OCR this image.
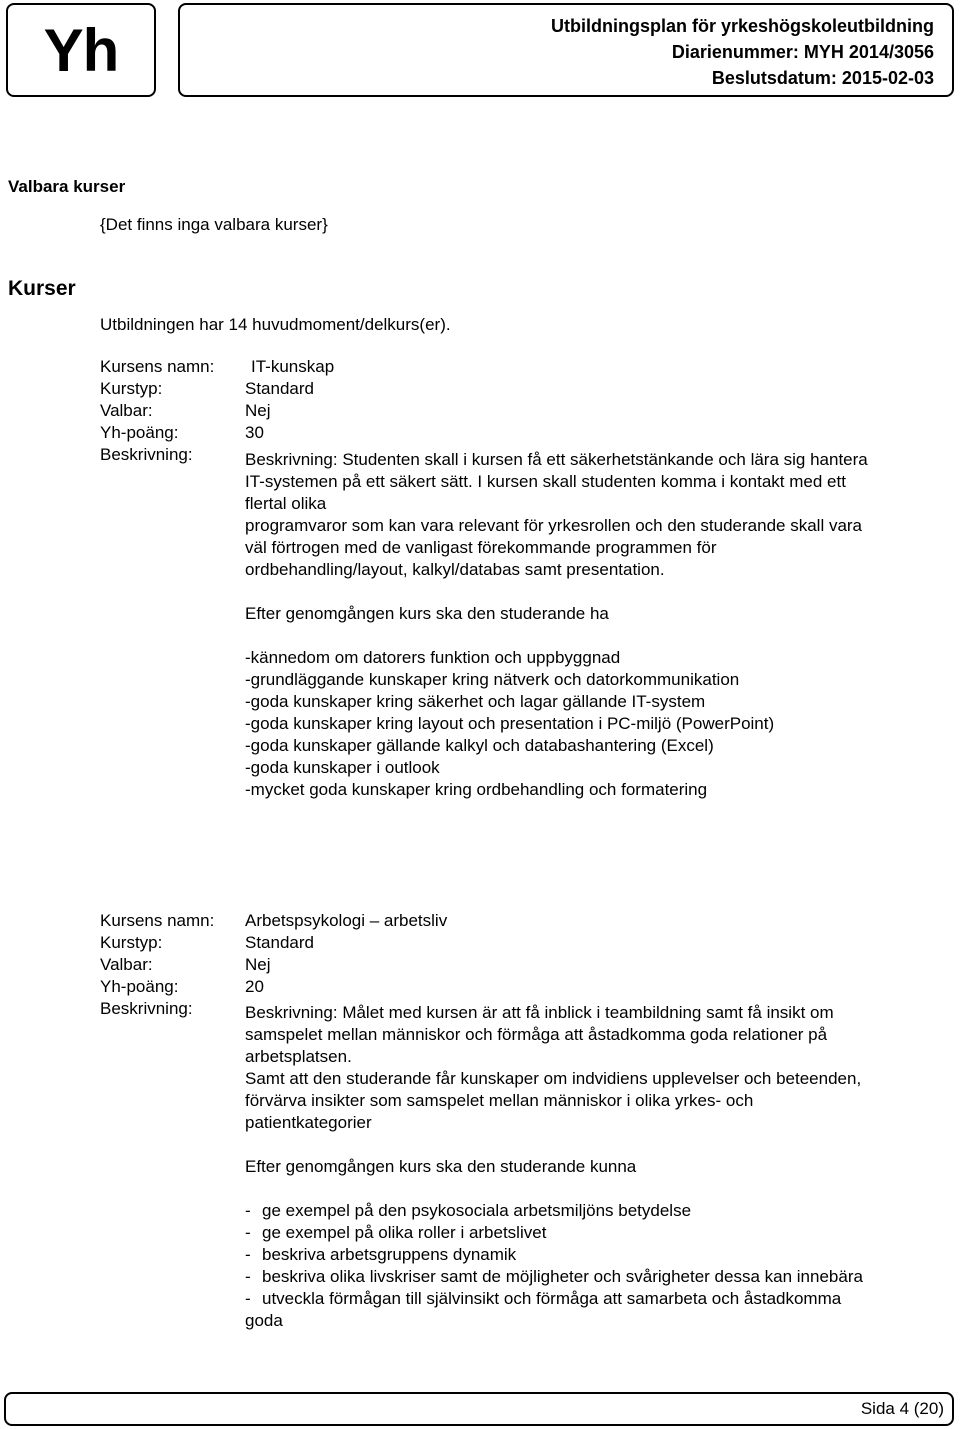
Yh	Utbildningsplan för yrkeshögskoleutbildning
Diarienummer: MYH 2014/3056
Beslutsdatum: 2015-02-03
Valbara kurser
{Det finns inga valbara kurser}
Kurser
Utbildningen har 14 huvudmoment/delkurs(er).
Kursens namn:	IT-kunskap
Kurstyp:	Standard
Valbar:	Nej
Yh-poäng:	30
Beskrivning:	Beskrivning: Studenten skall i kursen få ett säkerhetstänkande och lära sig hantera

IT-systemen på ett säkert sätt. I kursen skall studenten komma i kontakt med ett

flertal olika

programvaror som kan vara relevant för yrkesrollen och den studerande skall vara

väl förtrogen med de vanligast förekommande programmen för

ordbehandling/layout, kalkyl/databas samt presentation.

Efter genomgången kurs ska den studerande ha

-kännedom om datorers funktion och uppbyggnad
-grundläggande kunskaper kring nätverk och datorkommunikation
-goda kunskaper kring säkerhet och lagar gällande IT-system
-goda kunskaper kring layout och presentation i PC-miljö (PowerPoint)
-goda kunskaper gällande kalkyl och databashantering (Excel)
-goda kunskaper i outlook
-mycket goda kunskaper kring ordbehandling och formatering
Kursens namn:	Arbetspsykologi – arbetsliv
Kurstyp:	Standard
Valbar:	Nej
Yh-poäng:	20
Beskrivning:	Beskrivning: Målet med kursen är att få inblick i teambildning samt få insikt om

samspelet mellan människor och förmåga att åstadkomma goda relationer på

arbetsplatsen.

Samt att den studerande får kunskaper om indvidiens upplevelser och beteenden,

förvärva insikter som samspelet mellan människor i olika yrkes- och

patientkategorier

Efter genomgången kurs ska den studerande kunna

- ge exempel på den psykosociala arbetsmiljöns betydelse
- ge exempel på olika roller i arbetslivet
- beskriva arbetsgruppens dynamik
- beskriva olika livskriser samt de möjligheter och svårigheter dessa kan innebära
- utveckla förmågan till självinsikt och förmåga att samarbeta och åstadkomma

goda

Sida 4 (20)
